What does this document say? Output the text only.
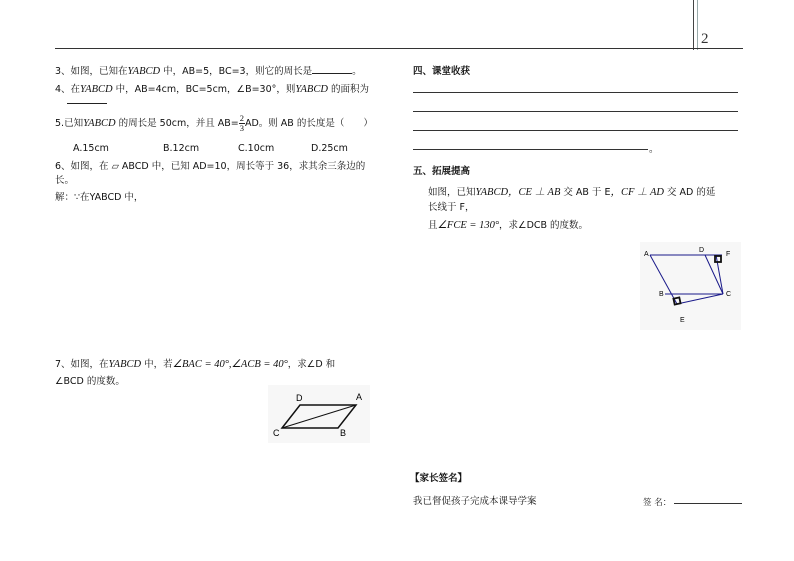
2
3、如图，已知在YABCD 中，AB=5，BC=3，则它的周长是	。
4、在YABCD 中，AB=4cm，BC=5cm，∠B=30°，则YABCD 的面积为
5.已知YABCD 的周长是 50cm，并且 $AB= \frac{2}{3}$ AD。则 AB 的长度是（　　）
A.15cm	B.12cm	C.10cm	D.25cm
6、如图，在 ▱ ABCD 中，已知 AD=10，周长等于 36，求其余三条边的
长。
解：∵在YABCD 中，
7、如图，在YABCD 中，若∠BAC = 40°,∠ACB = 40°，求∠D 和
∠BCD 的度数。
D	A
C	B
四、课堂收获
。
五、拓展提高
如图，已知YABCD，CE ⊥ AB 交 AB 于 E，CF ⊥ AD 交 AD 的延
长线于 F，
且∠FCE = 130°，求∠DCB 的度数。
A
D
F
B	C
E
【家长签名】
我已督促孩子完成本课导学案	签 名：
